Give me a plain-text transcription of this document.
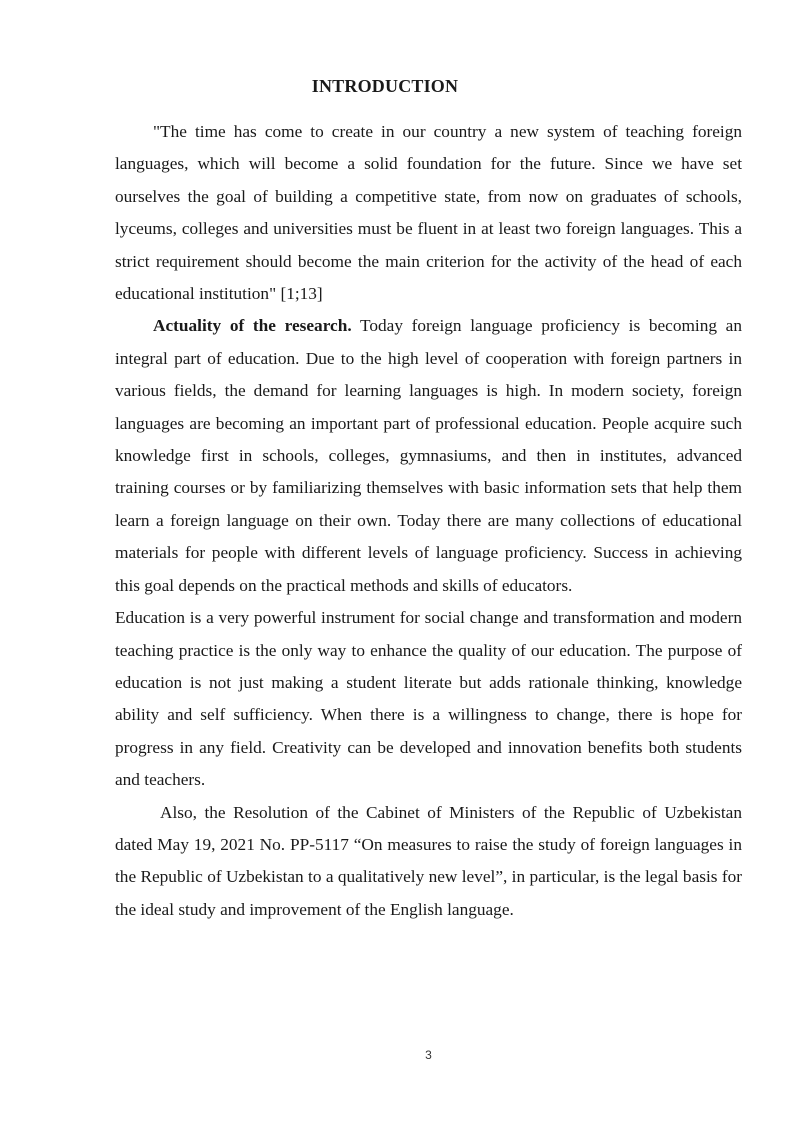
INTRODUCTION

"The time has come to create in our country a new system of teaching foreign languages, which will become a solid foundation for the future. Since we have set ourselves the goal of building a competitive state, from now on graduates of schools, lyceums, colleges and universities must be fluent in at least two foreign languages. This a strict requirement should become the main criterion for the activity of the head of each educational institution" [1;13]

Actuality of the research. Today foreign language proficiency is becoming an integral part of education. Due to the high level of cooperation with foreign partners in various fields, the demand for learning languages is high. In modern society, foreign languages are becoming an important part of professional education. People acquire such knowledge first in schools, colleges, gymnasiums, and then in institutes, advanced training courses or by familiarizing themselves with basic information sets that help them learn a foreign language on their own. Today there are many collections of educational materials for people with different levels of language proficiency. Success in achieving this goal depends on the practical methods and skills of educators.

Education is a very powerful instrument for social change and transformation and modern teaching practice is the only way to enhance the quality of our education. The purpose of education is not just making a student literate but adds rationale thinking, knowledge ability and self sufficiency. When there is a willingness to change, there is hope for progress in any field. Creativity can be developed and innovation benefits both students and teachers.

Also, the Resolution of the Cabinet of Ministers of the Republic of Uzbekistan dated May 19, 2021 No. PP-5117 “On measures to raise the study of foreign languages in the Republic of Uzbekistan to a qualitatively new level”, in particular, is the legal basis for the ideal study and improvement of the English language.

3
